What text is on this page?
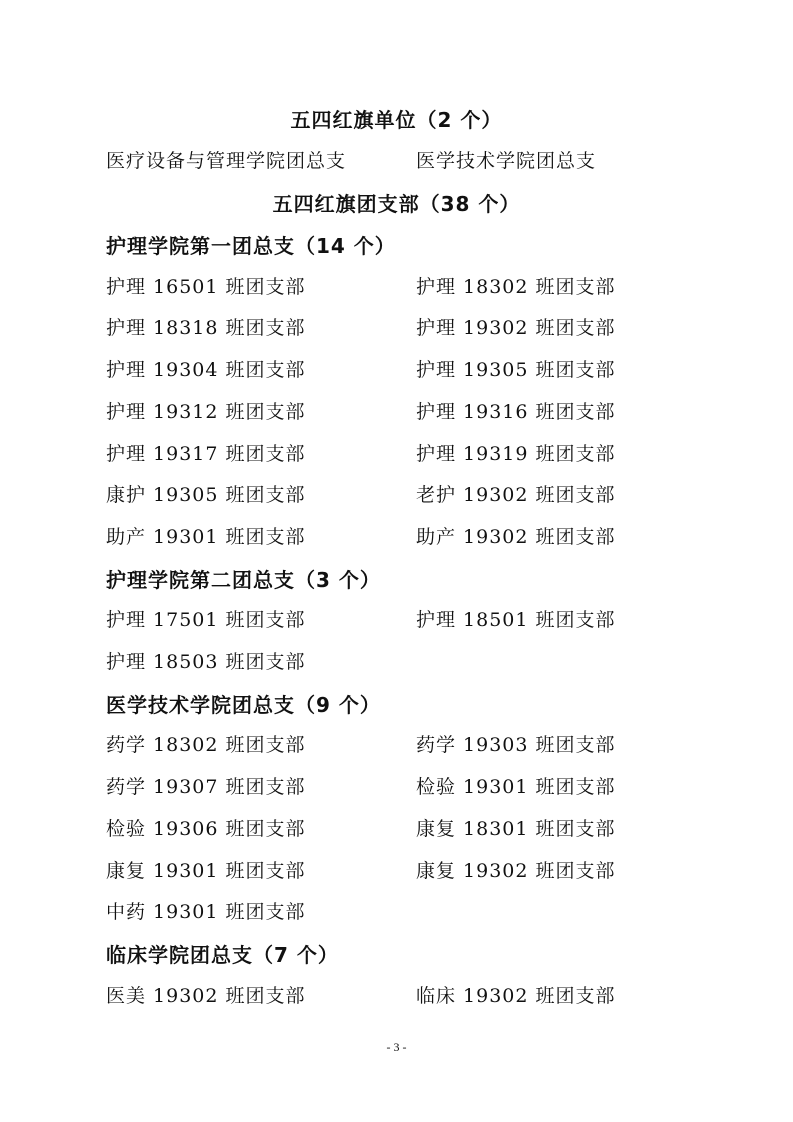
五四红旗单位（2 个）
医疗设备与管理学院团总支	医学技术学院团总支
五四红旗团支部（38 个）
护理学院第一团总支（14 个）
护理 16501 班团支部	护理 18302 班团支部
护理 18318 班团支部	护理 19302 班团支部
护理 19304 班团支部	护理 19305 班团支部
护理 19312 班团支部	护理 19316 班团支部
护理 19317 班团支部	护理 19319 班团支部
康护 19305 班团支部	老护 19302 班团支部
助产 19301 班团支部	助产 19302 班团支部
护理学院第二团总支（3 个）
护理 17501 班团支部	护理 18501 班团支部
护理 18503 班团支部
医学技术学院团总支（9 个）
药学 18302 班团支部	药学 19303 班团支部
药学 19307 班团支部	检验 19301 班团支部
检验 19306 班团支部	康复 18301 班团支部
康复 19301 班团支部	康复 19302 班团支部
中药 19301 班团支部
临床学院团总支（7 个）
医美 19302 班团支部	临床 19302 班团支部
- 3 -
